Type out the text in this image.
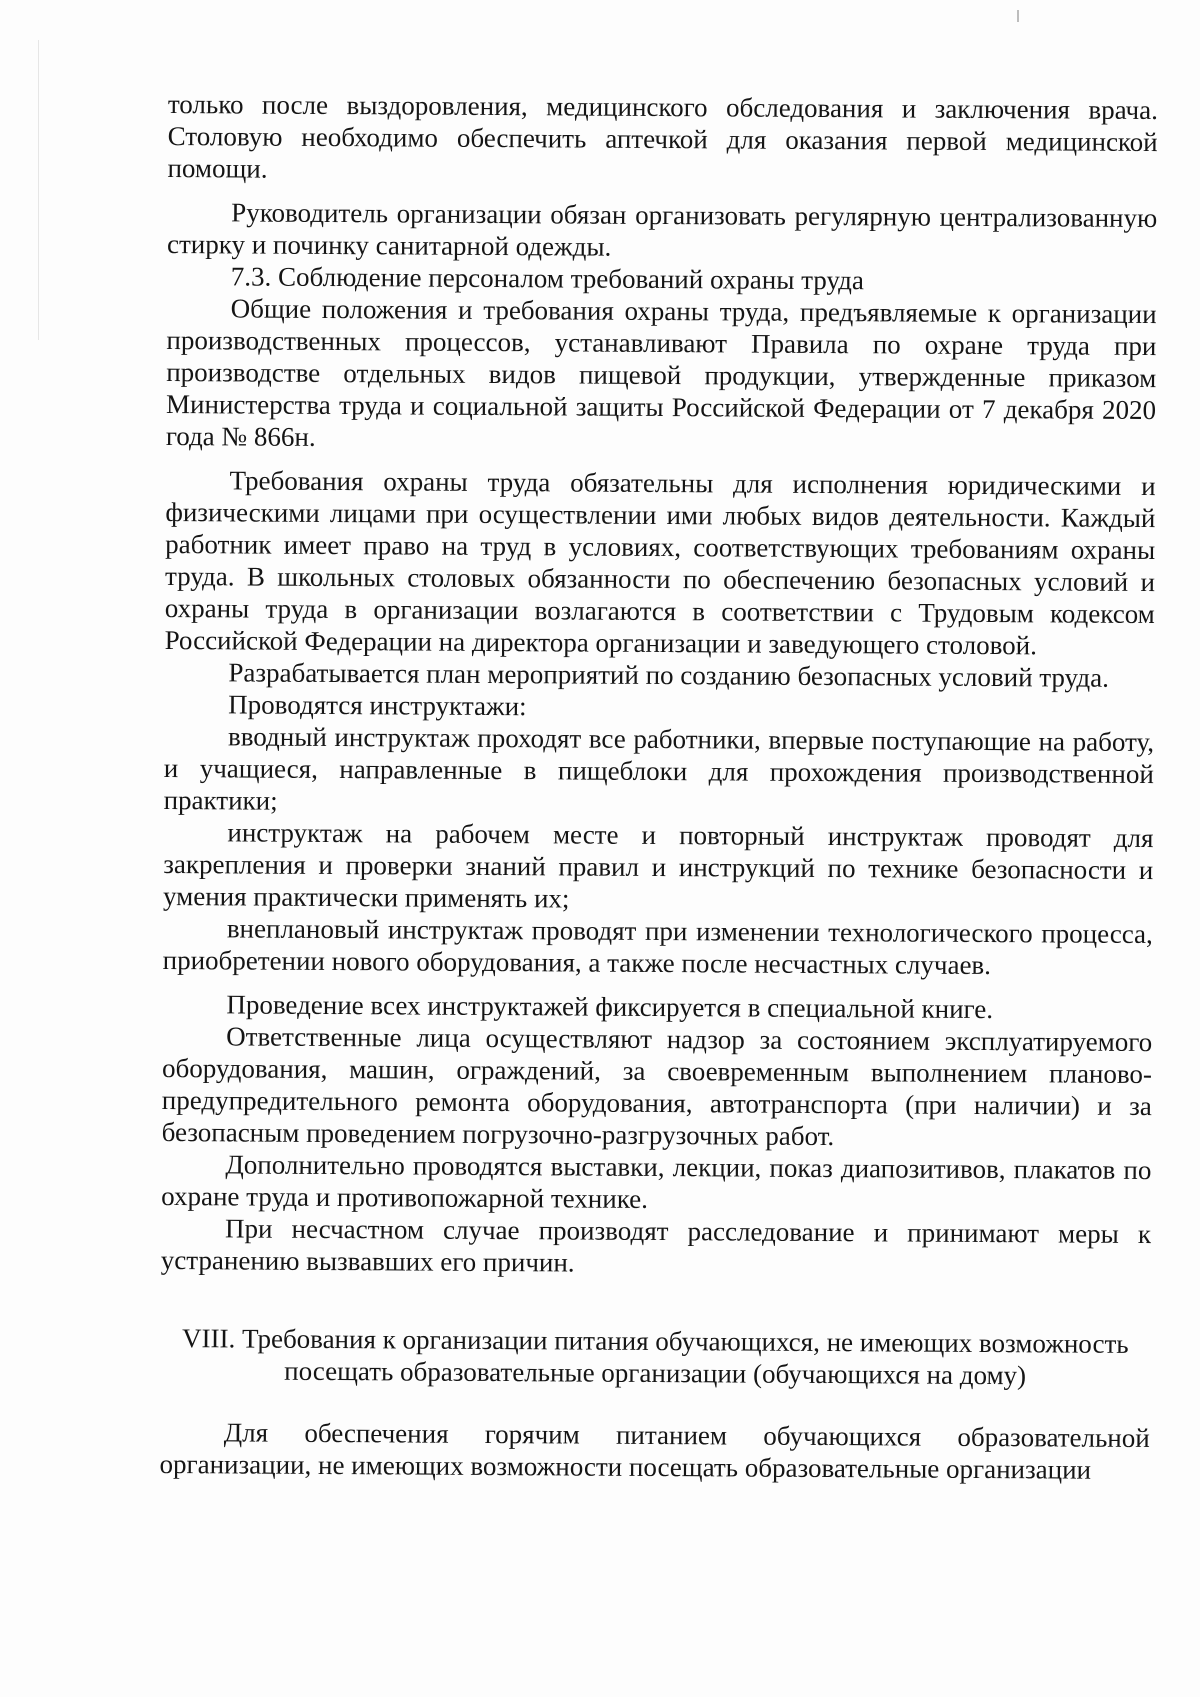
только после выздоровления, медицинского обследования и заключения врача. Столовую необходимо обеспечить аптечкой для оказания первой медицинской помощи.

Руководитель организации обязан организовать регулярную централизованную стирку и починку санитарной одежды.

7.3. Соблюдение персоналом требований охраны труда

Общие положения и требования охраны труда, предъявляемые к организации производственных процессов, устанавливают Правила по охране труда при производстве отдельных видов пищевой продукции, утвержденные приказом Министерства труда и социальной защиты Российской Федерации от 7 декабря 2020 года № 866н.

Требования охраны труда обязательны для исполнения юридическими и физическими лицами при осуществлении ими любых видов деятельности. Каждый работник имеет право на труд в условиях, соответствующих требованиям охраны труда. В школьных столовых обязанности по обеспечению безопасных условий и охраны труда в организации возлагаются в соответствии с Трудовым кодексом Российской Федерации на директора организации и заведующего столовой.

Разрабатывается план мероприятий по созданию безопасных условий труда.

Проводятся инструктажи:

вводный инструктаж проходят все работники, впервые поступающие на работу, и учащиеся, направленные в пищеблоки для прохождения производственной практики;

инструктаж на рабочем месте и повторный инструктаж проводят для закрепления и проверки знаний правил и инструкций по технике безопасности и умения практически применять их;

внеплановый инструктаж проводят при изменении технологического процесса, приобретении нового оборудования, а также после несчастных случаев.

Проведение всех инструктажей фиксируется в специальной книге.

Ответственные лица осуществляют надзор за состоянием эксплуатируемого оборудования, машин, ограждений, за своевременным выполнением планово-предупредительного ремонта оборудования, автотранспорта (при наличии) и за безопасным проведением погрузочно-разгрузочных работ.

Дополнительно проводятся выставки, лекции, показ диапозитивов, плакатов по охране труда и противопожарной технике.

При несчастном случае производят расследование и принимают меры к устранению вызвавших его причин.

VIII. Требования к организации питания обучающихся, не имеющих возможность посещать образовательные организации (обучающихся на дому)

Для обеспечения горячим питанием обучающихся образовательной организации, не имеющих возможности посещать образовательные организации
